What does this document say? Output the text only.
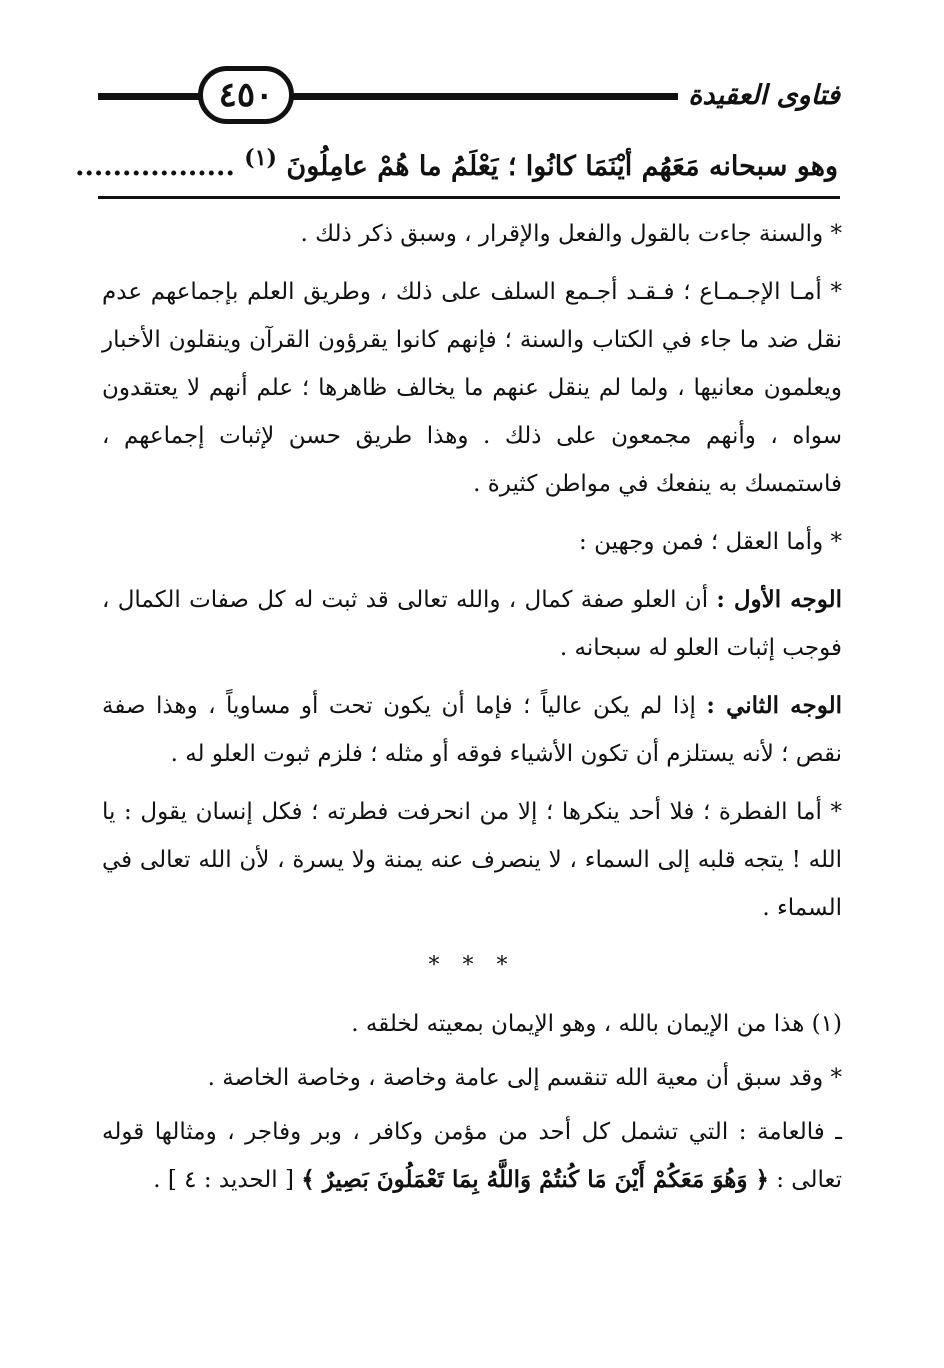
فتاوى العقيدة
٤٥٠
وهو سبحانه مَعَهُم أيْنَمَا كانُوا ؛ يَعْلَمُ ما هُمْ عامِلُونَ $^{(١)}$ .................

* والسنة جاءت بالقول والفعل والإقرار ، وسبق ذكر ذلك .

* أمـا الإجـمـاع ؛ فـقـد أجـمع السلف على ذلك ، وطريق العلم بإجماعهم عدم نقل ضد ما جاء في الكتاب والسنة ؛ فإنهم كانوا يقرؤون القرآن وينقلون الأخبار ويعلمون معانيها ، ولما لم ينقل عنهم ما يخالف ظاهرها ؛ علم أنهم لا يعتقدون سواه ، وأنهم مجمعون على ذلك . وهذا طريق حسن لإثبات إجماعهم ، فاستمسك به ينفعك في مواطن كثيرة .

* وأما العقل ؛ فمن وجهين :

الوجه الأول : أن العلو صفة كمال ، والله تعالى قد ثبت له كل صفات الكمال ، فوجب إثبات العلو له سبحانه .

الوجه الثاني : إذا لم يكن عالياً ؛ فإما أن يكون تحت أو مساوياً ، وهذا صفة نقص ؛ لأنه يستلزم أن تكون الأشياء فوقه أو مثله ؛ فلزم ثبوت العلو له .

* أما الفطرة ؛ فلا أحد ينكرها ؛ إلا من انحرفت فطرته ؛ فكل إنسان يقول : يا الله ! يتجه قلبه إلى السماء ، لا ينصرف عنه يمنة ولا يسرة ، لأن الله تعالى في السماء .

* * *

(١) هذا من الإيمان بالله ، وهو الإيمان بمعيته لخلقه .

* وقد سبق أن معية الله تنقسم إلى عامة وخاصة ، وخاصة الخاصة .

ـ فالعامة : التي تشمل كل أحد من مؤمن وكافر ، وبر وفاجر ، ومثالها قوله تعالى : ﴿ وَهُوَ مَعَكُمْ أَيْنَ مَا كُنتُمْ وَاللَّهُ بِمَا تَعْمَلُونَ بَصِيرٌ ﴾ [ الحديد : ٤ ] .
